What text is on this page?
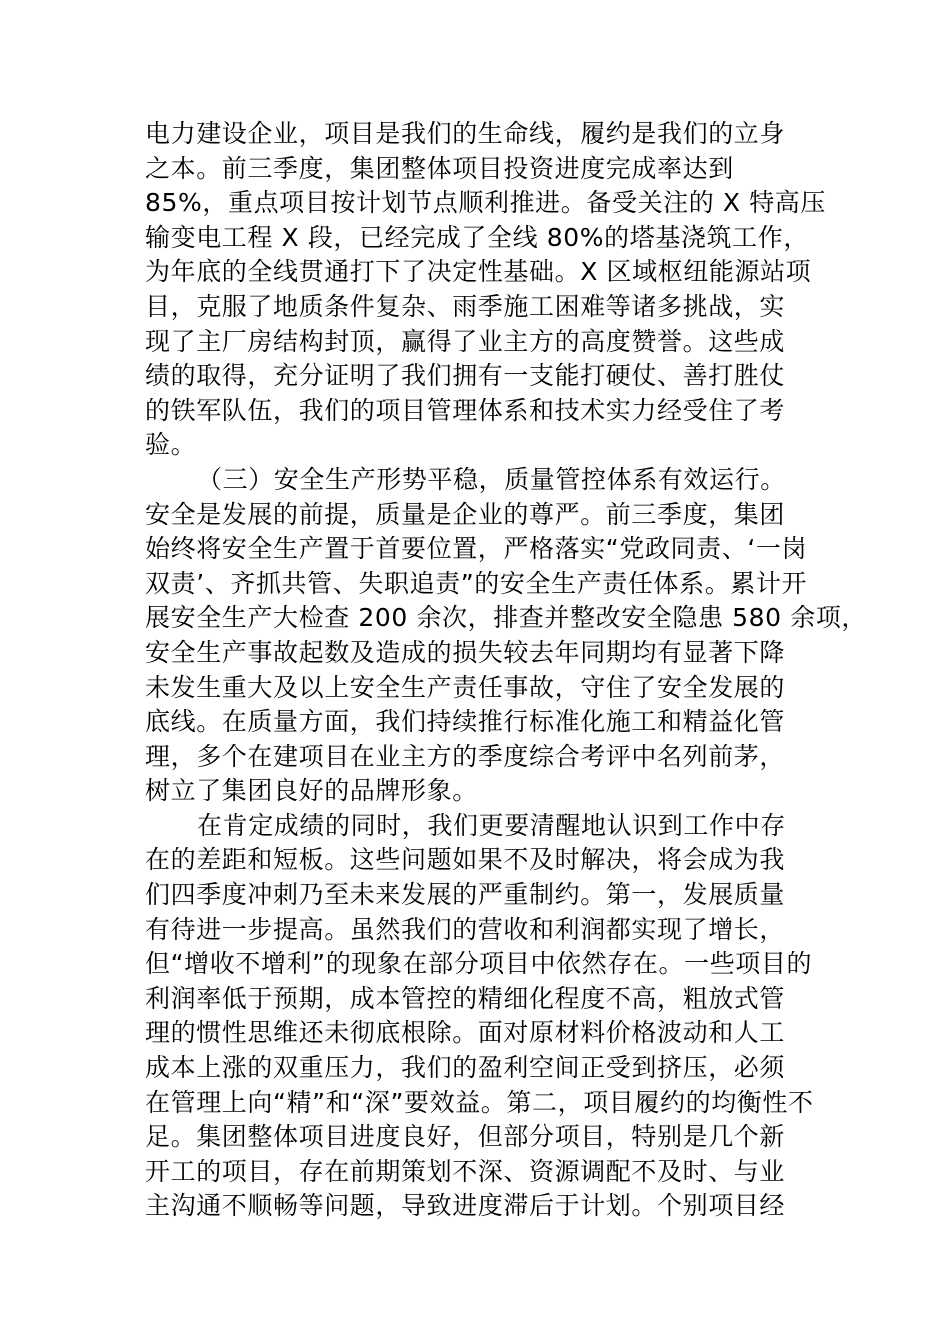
电力建设企业，项目是我们的生命线，履约是我们的立身
之本。前三季度，集团整体项目投资进度完成率达到
85%，重点项目按计划节点顺利推进。备受关注的 X 特高压
输变电工程 X 段，已经完成了全线 80%的塔基浇筑工作，
为年底的全线贯通打下了决定性基础。X 区域枢纽能源站项
目，克服了地质条件复杂、雨季施工困难等诸多挑战，实
现了主厂房结构封顶，赢得了业主方的高度赞誉。这些成
绩的取得，充分证明了我们拥有一支能打硬仗、善打胜仗
的铁军队伍，我们的项目管理体系和技术实力经受住了考
验。
（三）安全生产形势平稳，质量管控体系有效运行。
安全是发展的前提，质量是企业的尊严。前三季度，集团
始终将安全生产置于首要位置，严格落实“党政同责、‘一岗
双责’、齐抓共管、失职追责”的安全生产责任体系。累计开
展安全生产大检查 200 余次，排查并整改安全隐患 580 余项，
安全生产事故起数及造成的损失较去年同期均有显著下降
未发生重大及以上安全生产责任事故，守住了安全发展的
底线。在质量方面，我们持续推行标准化施工和精益化管
理，多个在建项目在业主方的季度综合考评中名列前茅，
树立了集团良好的品牌形象。
在肯定成绩的同时，我们更要清醒地认识到工作中存
在的差距和短板。这些问题如果不及时解决，将会成为我
们四季度冲刺乃至未来发展的严重制约。第一，发展质量
有待进一步提高。虽然我们的营收和利润都实现了增长，
但“增收不增利”的现象在部分项目中依然存在。一些项目的
利润率低于预期，成本管控的精细化程度不高，粗放式管
理的惯性思维还未彻底根除。面对原材料价格波动和人工
成本上涨的双重压力，我们的盈利空间正受到挤压，必须
在管理上向“精”和“深”要效益。第二，项目履约的均衡性不
足。集团整体项目进度良好，但部分项目，特别是几个新
开工的项目，存在前期策划不深、资源调配不及时、与业
主沟通不顺畅等问题，导致进度滞后于计划。个别项目经
